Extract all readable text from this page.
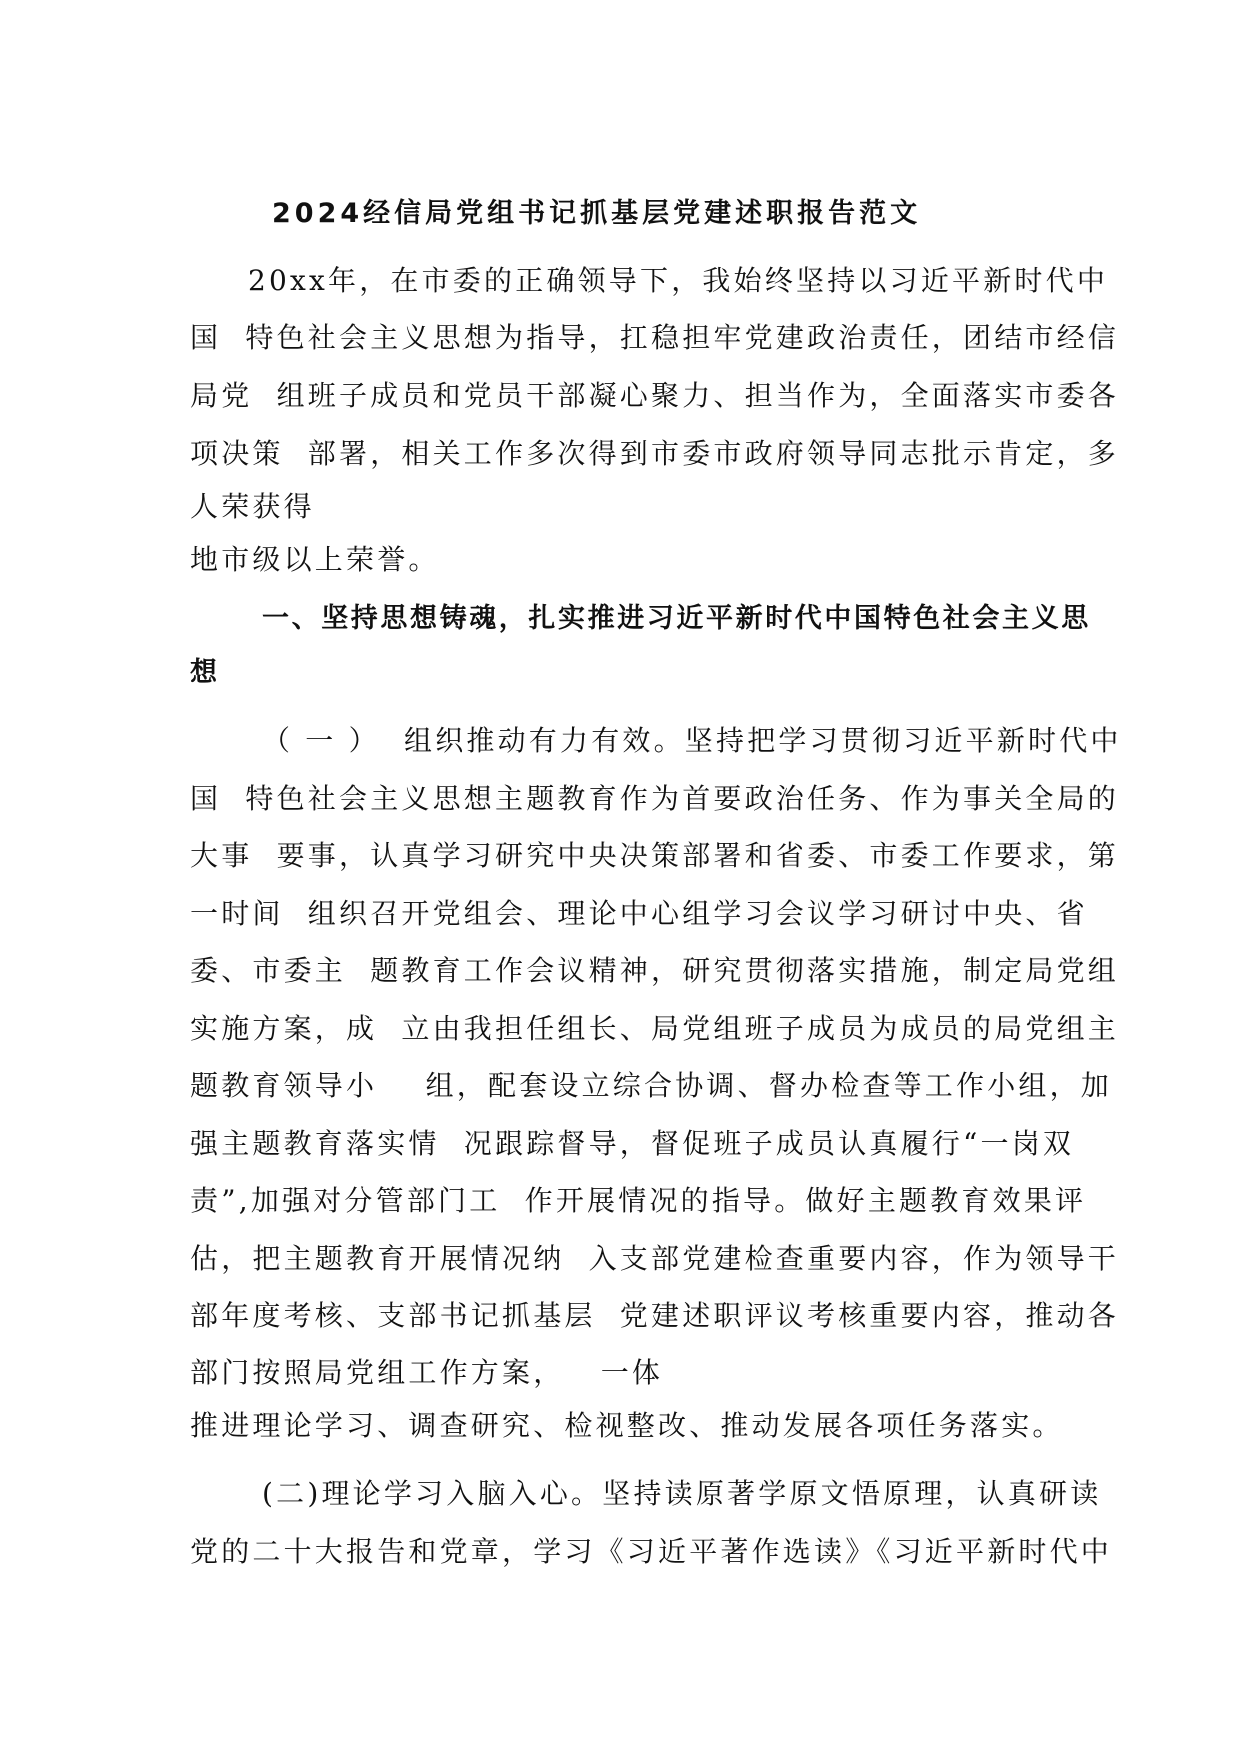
2024经信局党组书记抓基层党建述职报告范文
20xx年，在市委的正确领导下，我始终坚持以习近平新时代中
国  特色社会主义思想为指导，扛稳担牢党建政治责任，团结市经信
局党  组班子成员和党员干部凝心聚力、担当作为，全面落实市委各
项决策  部署，相关工作多次得到市委市政府领导同志批示肯定，多
人荣获得
地市级以上荣誉。
一、坚持思想铸魂，扎实推进习近平新时代中国特色社会主义思
想
（ 一 ）  组织推动有力有效。坚持把学习贯彻习近平新时代中
国  特色社会主义思想主题教育作为首要政治任务、作为事关全局的
大事  要事，认真学习研究中央决策部署和省委、市委工作要求，第
一时间  组织召开党组会、理论中心组学习会议学习研讨中央、省
委、市委主  题教育工作会议精神，研究贯彻落实措施，制定局党组
实施方案，成  立由我担任组长、局党组班子成员为成员的局党组主
题教育领导小    组，配套设立综合协调、督办检查等工作小组，加
强主题教育落实情  况跟踪督导，督促班子成员认真履行“一岗双
责”,加强对分管部门工  作开展情况的指导。做好主题教育效果评
估，把主题教育开展情况纳  入支部党建检查重要内容，作为领导干
部年度考核、支部书记抓基层  党建述职评议考核重要内容，推动各
部门按照局党组工作方案，   一体
推进理论学习、调查研究、检视整改、推动发展各项任务落实。
(二)理论学习入脑入心。坚持读原著学原文悟原理，认真研读
党的二十大报告和党章，学习《习近平著作选读》《习近平新时代中
